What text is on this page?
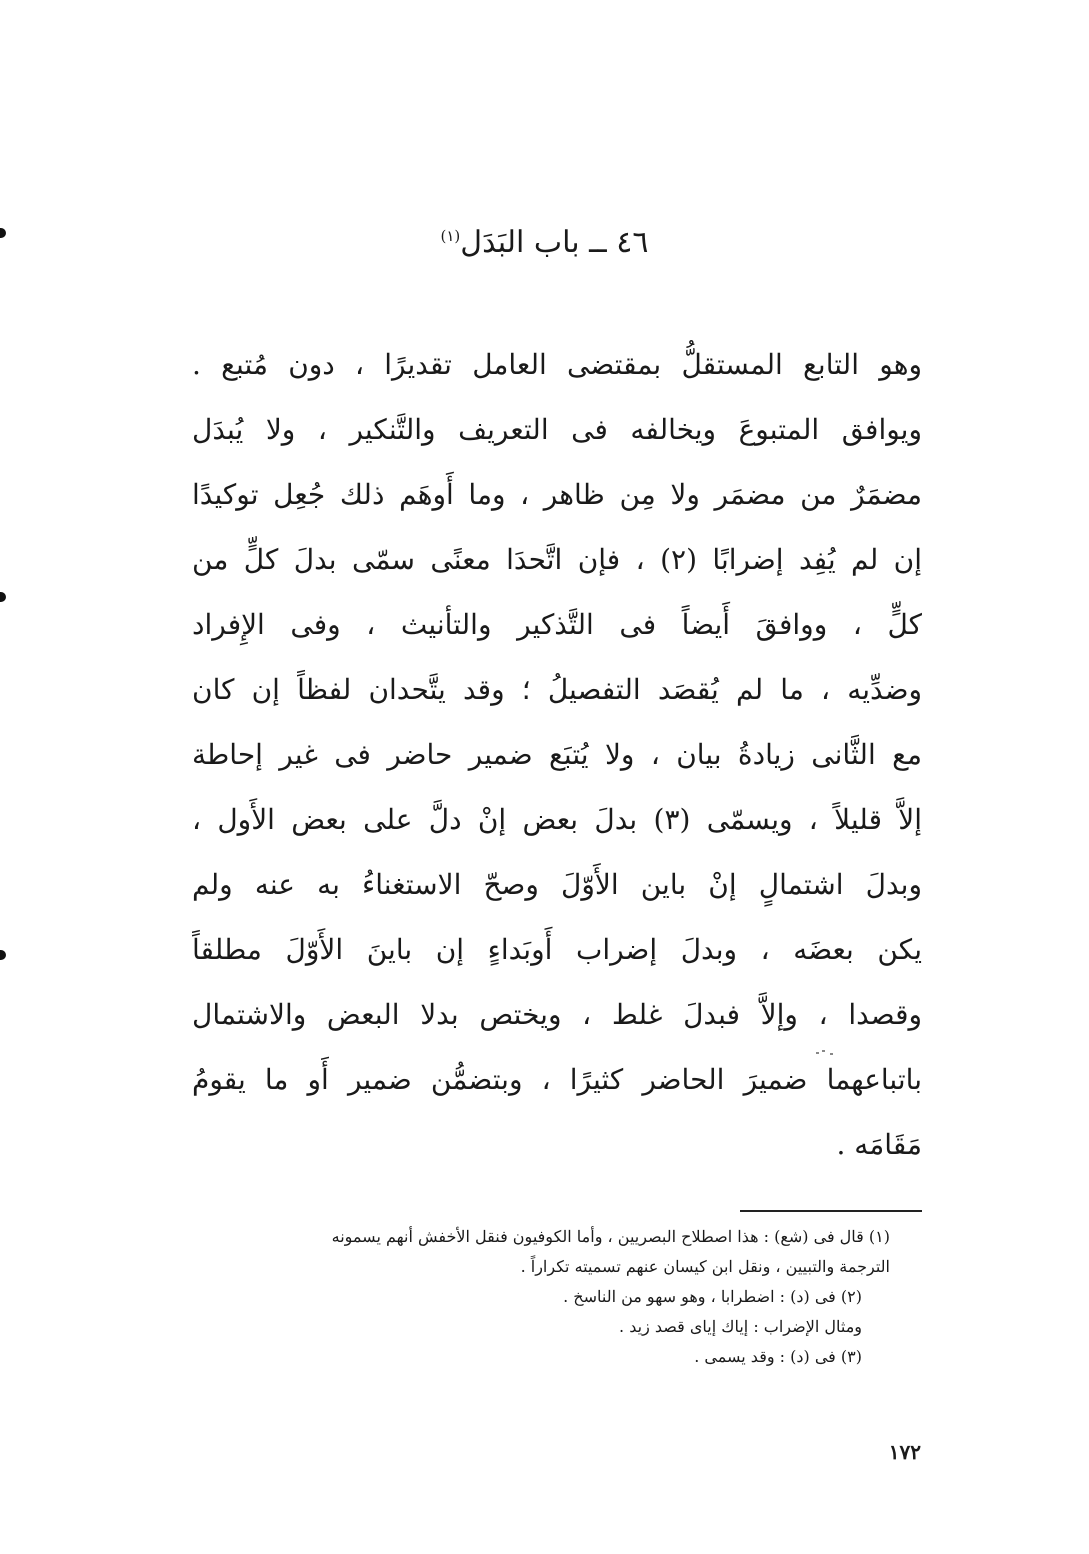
٤٦ ــ باب البَدَل$^{(١)}$
وهو التابع المستقلُّ بمقتضى العامل تقديرًا ، دون مُتبع .
ويوافق المتبوعَ ويخالفه فى التعريف والتَّنكير ، ولا يُبدَل
مضمَرٌ من مضمَر ولا مِن ظاهر ، وما أَوهَم ذلك جُعِل توكيدًا
إن لم يُفِد إضرابًا (٢) ، فإن اتَّحدَا معنًى سمّى بدلَ كلٍّ من
كلٍّ ، ووافقَ أَيضاً فى التَّذكير والتأنيث ، وفى الإِفراد
وضدِّيه ، ما لم يُقصَد التفصيلُ ؛ وقد يتَّحدان لفظاً إن كان
مع الثَّانى زيادةُ بيان ، ولا يُتبَع ضمير حاضر فى غير إحاطة
إلاَّ قليلاً ، ويسمّى (٣) بدلَ بعض إنْ دلَّ على بعض الأَول ،
وبدلَ اشتمالٍ إنْ باين الأَوّلَ وصحّ الاستغناءُ به عنه ولم
يكن بعضَه ، وبدلَ إضراب أَوبَداءٍ إن باينَ الأَوّلَ مطلقاً
وقصدا ، وإلاَّ فبدلَ غلط ، ويختص بدلا البعض والاشتمال
باتباعهما ضميرَ الحاضر كثيرًا ، وبتضمُّن ضمير أَو ما يقومُ
مَقَامَه .
(١) قال فى (شع) : هذا اصطلاح البصريين ، وأما الكوفيون فنقل الأخفش أنهم يسمونه
الترجمة والتبيين ، ونقل ابن كيسان عنهم تسميته تكراراً .
(٢) فى (د) : اضطرابا ، وهو سهو من الناسخ .
ومثال الإضراب : إياك إياى قصد زيد .
(٣) فى (د) : وقد يسمى .
١٧٢
